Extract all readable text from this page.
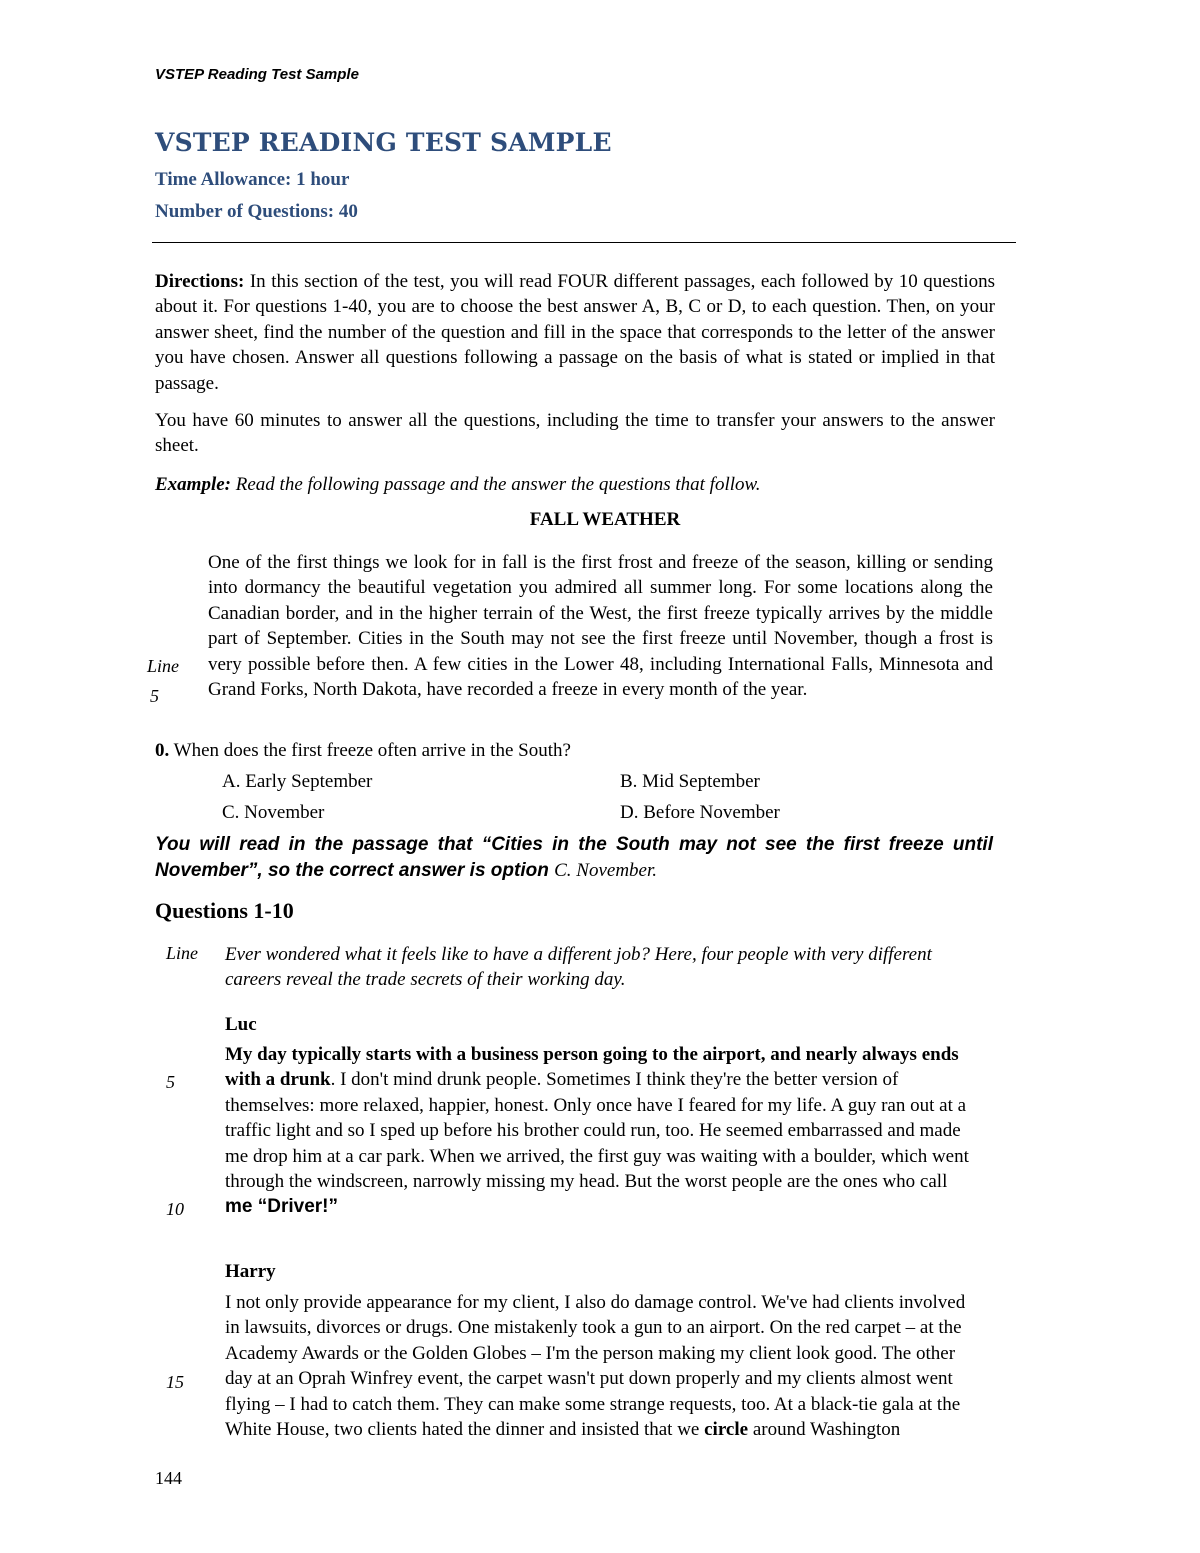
VSTEP Reading Test Sample
VSTEP READING TEST SAMPLE
Time Allowance: 1 hour
Number of Questions: 40
Directions: In this section of the test, you will read FOUR different passages, each followed by 10 questions about it. For questions 1-40, you are to choose the best answer A, B, C or D, to each question. Then, on your answer sheet, find the number of the question and fill in the space that corresponds to the letter of the answer you have chosen. Answer all questions following a passage on the basis of what is stated or implied in that passage.
You have 60 minutes to answer all the questions, including the time to transfer your answers to the answer sheet.
Example: Read the following passage and the answer the questions that follow.
FALL WEATHER
Line
5
One of the first things we look for in fall is the first frost and freeze of the season, killing or sending into dormancy the beautiful vegetation you admired all summer long. For some locations along the Canadian border, and in the higher terrain of the West, the first freeze typically arrives by the middle part of September. Cities in the South may not see the first freeze until November, though a frost is very possible before then. A few cities in the Lower 48, including International Falls, Minnesota and Grand Forks, North Dakota, have recorded a freeze in every month of the year.
0. When does the first freeze often arrive in the South?
A. Early September	B. Mid September
C. November	D. Before November
You will read in the passage that “Cities in the South may not see the first freeze until November”, so the correct answer is option C. November.
Questions 1-10
Line
5
10
15
Ever wondered what it feels like to have a different job? Here, four people with very different careers reveal the trade secrets of their working day.
Luc
My day typically starts with a business person going to the airport, and nearly always ends with a drunk. I don't mind drunk people. Sometimes I think they're the better version of themselves: more relaxed, happier, honest. Only once have I feared for my life. A guy ran out at a traffic light and so I sped up before his brother could run, too. He seemed embarrassed and made me drop him at a car park. When we arrived, the first guy was waiting with a boulder, which went through the windscreen, narrowly missing my head. But the worst people are the ones who call me “Driver!”
Harry
I not only provide appearance for my client, I also do damage control. We've had clients involved in lawsuits, divorces or drugs. One mistakenly took a gun to an airport. On the red carpet – at the Academy Awards or the Golden Globes – I'm the person making my client look good. The other day at an Oprah Winfrey event, the carpet wasn't put down properly and my clients almost went flying – I had to catch them. They can make some strange requests, too. At a black-tie gala at the White House, two clients hated the dinner and insisted that we circle around Washington
144
